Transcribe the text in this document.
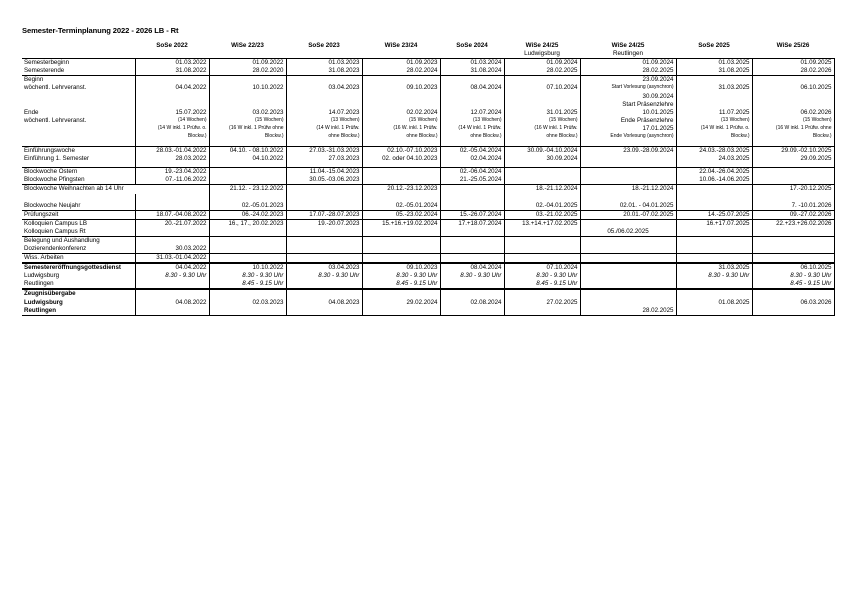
Semester-Terminplanung 2022 - 2026 LB - Rt
	SoSe 2022	WiSe 22/23	SoSe 2023	WiSe 23/24	SoSe 2024	WiSe 24/25	WiSe 24/25	SoSe 2025	WiSe 25/26
						Ludwigsburg	Reutlingen		
Semesterbeginn	01.03.2022	01.09.2022	01.03.2023	01.09.2023	01.03.2024	01.09.2024	01.09.2024	01.03.2025	01.09.2025
Semesterende	31.08.2022	28.02.2020	31.08.2023	28.02.2024	31.08.2024	28.02.2025	28.02.2025	31.08.2025	28.02.2026
Beginn							23.09.2024		
wöchentl. Lehrveranst.	04.04.2022	10.10.2022	03.04.2023	09.10.2023	08.04.2024	07.10.2024	Start Vorlesung (asynchron)	31.03.2025	06.10.2025
							30.09.2024		
							Start Präsenzlehre		
Ende	15.07.2022	03.02.2023	14.07.2023	02.02.2024	12.07.2024	31.01.2025	10.01.2025	11.07.2025	06.02.2026
wöchentl. Lehrveranst.	(14 Wochen)	(15 Wochen)	(13 Wochen)	(15 Wochen)	(13 Wochen)	(15 Wochen)	Ende Präsenzlehre	(13 Wochen)	(15 Wochen)
	(14 W inkl. 1 Prüfw. o.	(16 W inkl. 1 Prüfw ohne	(14 W inkl. 1 Prüfw.	(16 W. inkl. 1 Prüfw.	(14 W inkl. 1 Prüfw.	(16 W inkl. 1 Prüfw.	17.01.2025	(14 W inkl. 1 Prüfw. o.	(16 W inkl. 1 Prüfw. ohne
	Blockw.)	Blockw.)	ohne Blockw.)	ohne Blockw.)	ohne Blockw.)	ohne Blockw.)	Ende Vorlesung (asynchron)	Blockw.)	Blockw.)

Einführungswoche	28.03.-01.04.2022	04.10. - 08.10.2022	27.03.-31.03.2023	02.10.-07.10.2023	02.-05.04.2024	30.09.-04.10.2024	23.09.-28.09.2024	24.03.-28.03.2025	29.09.-02.10.2025
Einführung 1. Semester	28.03.2022	04.10.2022	27.03.2023	02. oder 04.10.2023	02.04.2024	30.09.2024		24.03.2025	29.09.2025

Blockwoche Ostern	19.-23.04.2022		11.04.-15.04.2023		02.-06.04.2024			22.04.-26.04.2025	
Blockwoche Pfingsten	07.-11.06.2022		30.05.-03.06.2023		21.-25.05.2024			10.06.-14.06.2025	
Blockwoche Weihnachten ab 14 Uhr		21.12. - 23.12.2022		20.12.-23.12.2023		18.-21.12.2024	18.-21.12.2024		17.-20.12.2025

Blockwoche Neujahr		02.-05.01.2023		02.-05.01.2024		02.-04.01.2025	02.01. - 04.01.2025		7. -10.01.2026
Prüfungszeit	18.07.-04.08.2022	06.-24.02.2023	17.07.-28.07.2023	05.-23.02.2024	15.-26.07.2024	03.-21.02.2025	20.01.-07.02.2025	14.-25.07.2025	09.-27.02.2026
Kolloquien Campus LB	20.-21.07.2022	16., 17., 20.02.2023	19.-20.07.2023	15.+16.+19.02.2024	17.+18.07.2024	13.+14.+17.02.2025		16.+17.07.2025	22.+23.+26.02.2026
Kolloquien Campus Rt							05./06.02.2025		
Belegung und Aushandlung									
Dozierendenkonferenz	30.03.2022								
Wiss. Arbeiten	31.03.-01.04.2022								
Semestereröffnungsgottesdienst	04.04.2022	10.10.2022	03.04.2023	09.10.2023	08.04.2024	07.10.2024		31.03.2025	06.10.2025
Ludwigsburg	8.30 - 9.30 Uhr	8.30 - 9.30 Uhr	8.30 - 9.30 Uhr	8.30 - 9.30 Uhr	8.30 - 9.30 Uhr	8.30 - 9.30 Uhr		8.30 - 9.30 Uhr	8.30 - 9.30 Uhr
Reutlingen		8.45 - 9.15 Uhr		8.45 - 9.15 Uhr		8.45 - 9.15 Uhr			8.45 - 9.15 Uhr
Zeugnisübergabe									
Ludwigsburg	04.08.2022	02.03.2023	04.08.2023	29.02.2024	02.08.2024	27.02.2025		01.08.2025	06.03.2026
Reutlingen							28.02.2025		
